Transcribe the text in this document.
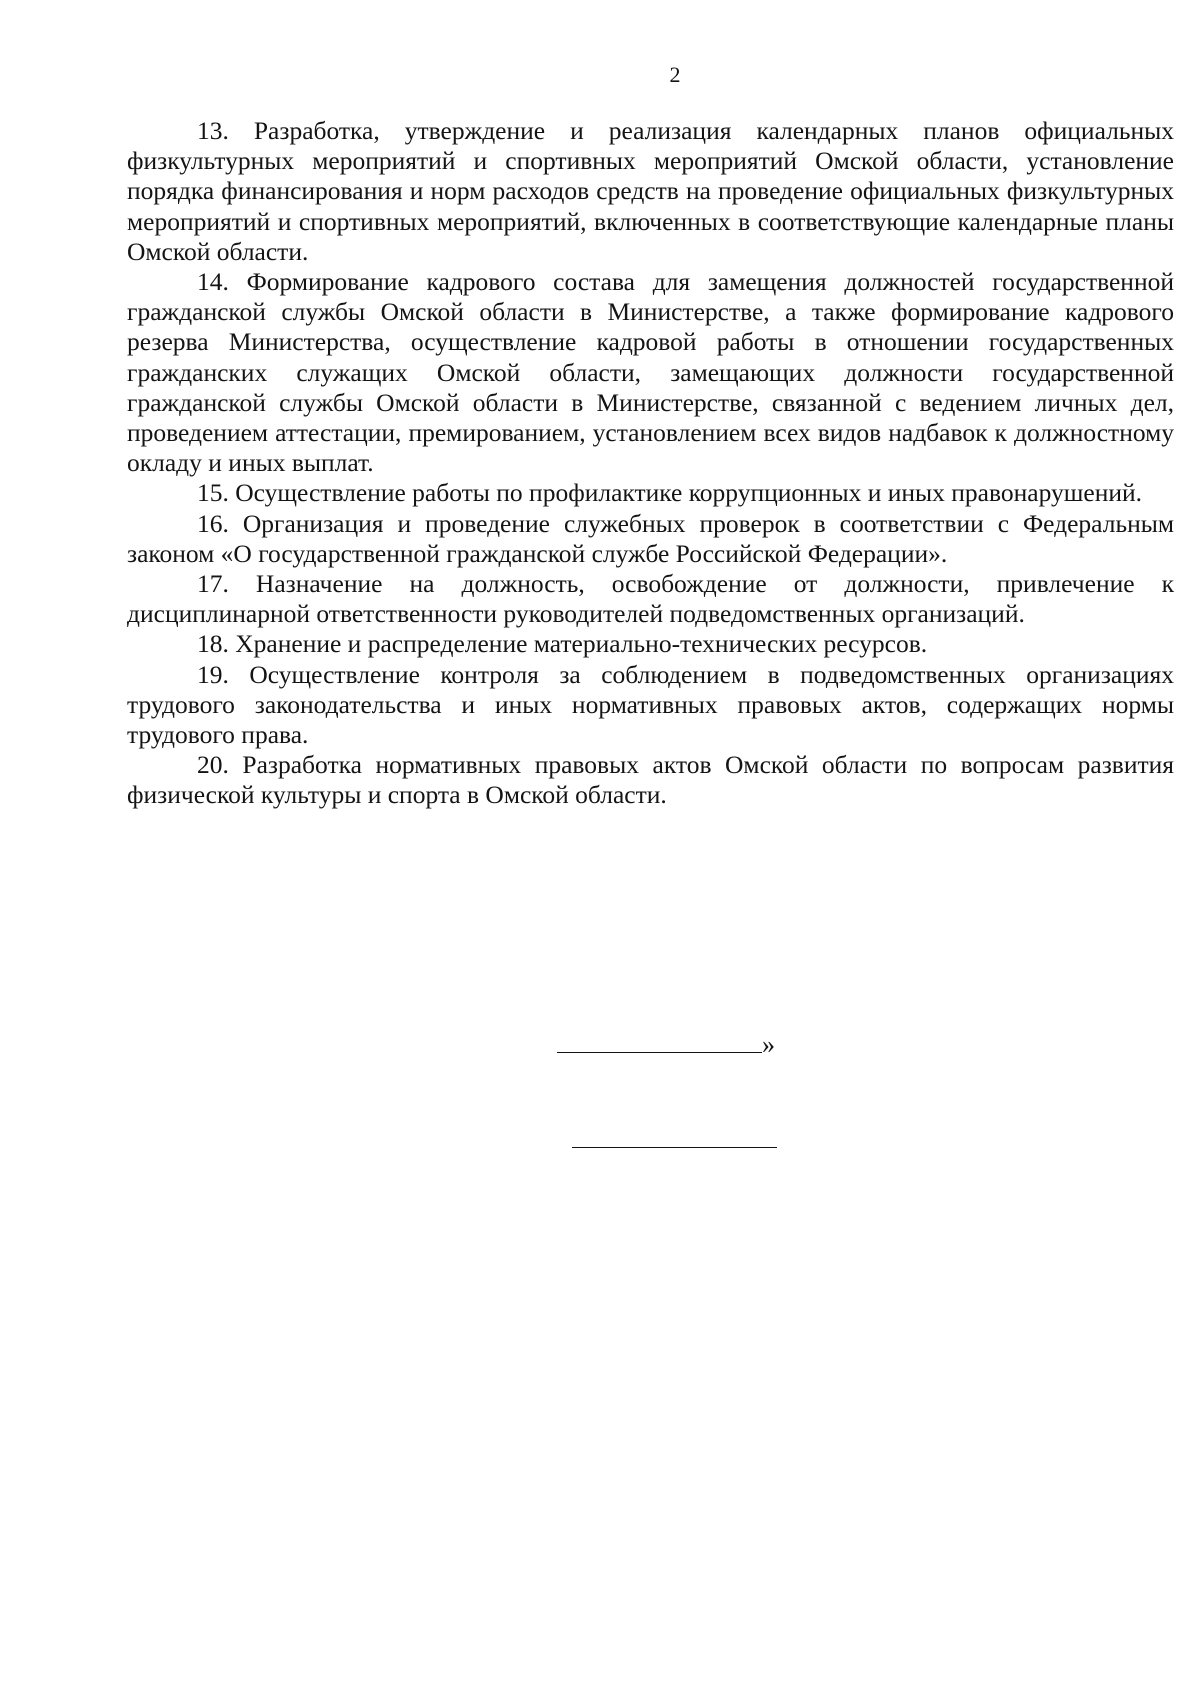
2

13. Разработка, утверждение и реализация календарных планов официальных физкультурных мероприятий и спортивных мероприятий Омской области, установление порядка финансирования и норм расходов средств на проведение официальных физкультурных мероприятий и спортивных мероприятий, включенных в соответствующие календарные планы Омской области.

14. Формирование кадрового состава для замещения должностей государственной гражданской службы Омской области в Министерстве, а также формирование кадрового резерва Министерства, осуществление кадровой работы в отношении государственных гражданских служащих Омской области, замещающих должности государственной гражданской службы Омской области в Министерстве, связанной с ведением личных дел, проведением аттестации, премированием, установлением всех видов надбавок к должностному окладу и иных выплат.

15. Осуществление работы по профилактике коррупционных и иных правонарушений.

16. Организация и проведение служебных проверок в соответствии с Федеральным законом «О государственной гражданской службе Российской Федерации».

17. Назначение на должность, освобождение от должности, привлечение к дисциплинарной ответственности руководителей подведомственных организаций.

18. Хранение и распределение материально-технических ресурсов.

19. Осуществление контроля за соблюдением в подведомственных организациях трудового законодательства и иных нормативных правовых актов, содержащих нормы трудового права.

20. Разработка нормативных правовых актов Омской области по вопросам развития физической культуры и спорта в Омской области.

»
